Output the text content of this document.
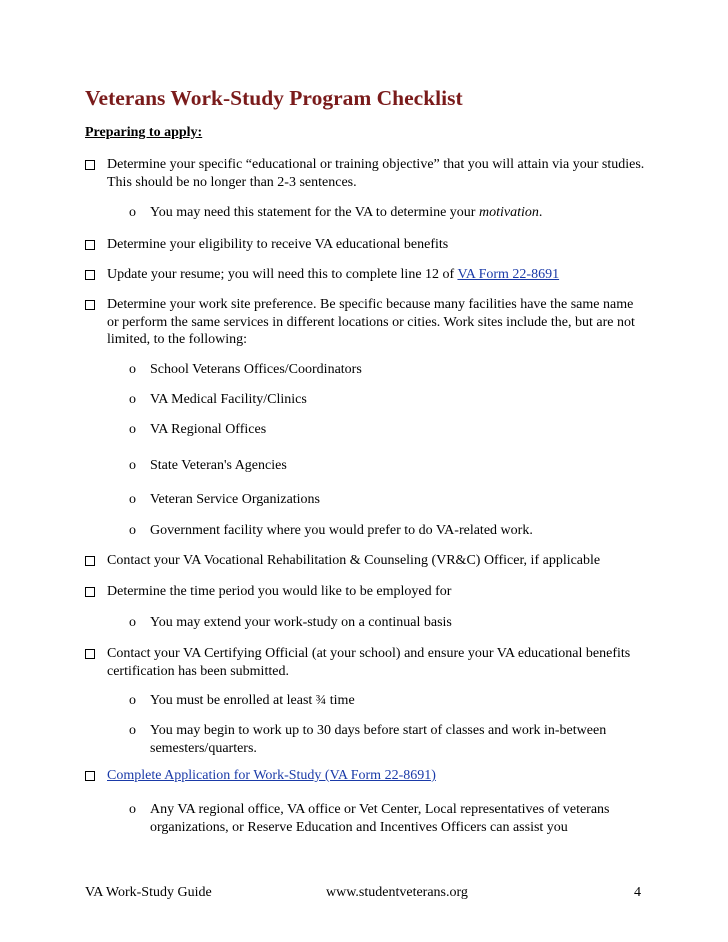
Veterans Work-Study Program Checklist

Preparing to apply:

Determine your specific “educational or training objective” that you will attain via your studies. This should be no longer than 2-3 sentences.
o	You may need this statement for the VA to determine your motivation.
Determine your eligibility to receive VA educational benefits
Update your resume; you will need this to complete line 12 of VA Form 22-8691
Determine your work site preference. Be specific because many facilities have the same name or perform the same services in different locations or cities. Work sites include the, but are not limited, to the following:
o	School Veterans Offices/Coordinators
o	VA Medical Facility/Clinics
o	VA Regional Offices
o	State Veteran's Agencies
o	Veteran Service Organizations
o	Government facility where you would prefer to do VA-related work.
Contact your VA Vocational Rehabilitation & Counseling (VR&C) Officer, if applicable
Determine the time period you would like to be employed for
o	You may extend your work-study on a continual basis
Contact your VA Certifying Official (at your school) and ensure your VA educational benefits certification has been submitted.
o	You must be enrolled at least ¾ time
o	You may begin to work up to 30 days before start of classes and work in-between semesters/quarters.
Complete Application for Work-Study (VA Form 22-8691)
o	Any VA regional office, VA office or Vet Center, Local representatives of veterans organizations, or Reserve Education and Incentives Officers can assist you
VA Work-Study Guide	www.studentveterans.org	4
